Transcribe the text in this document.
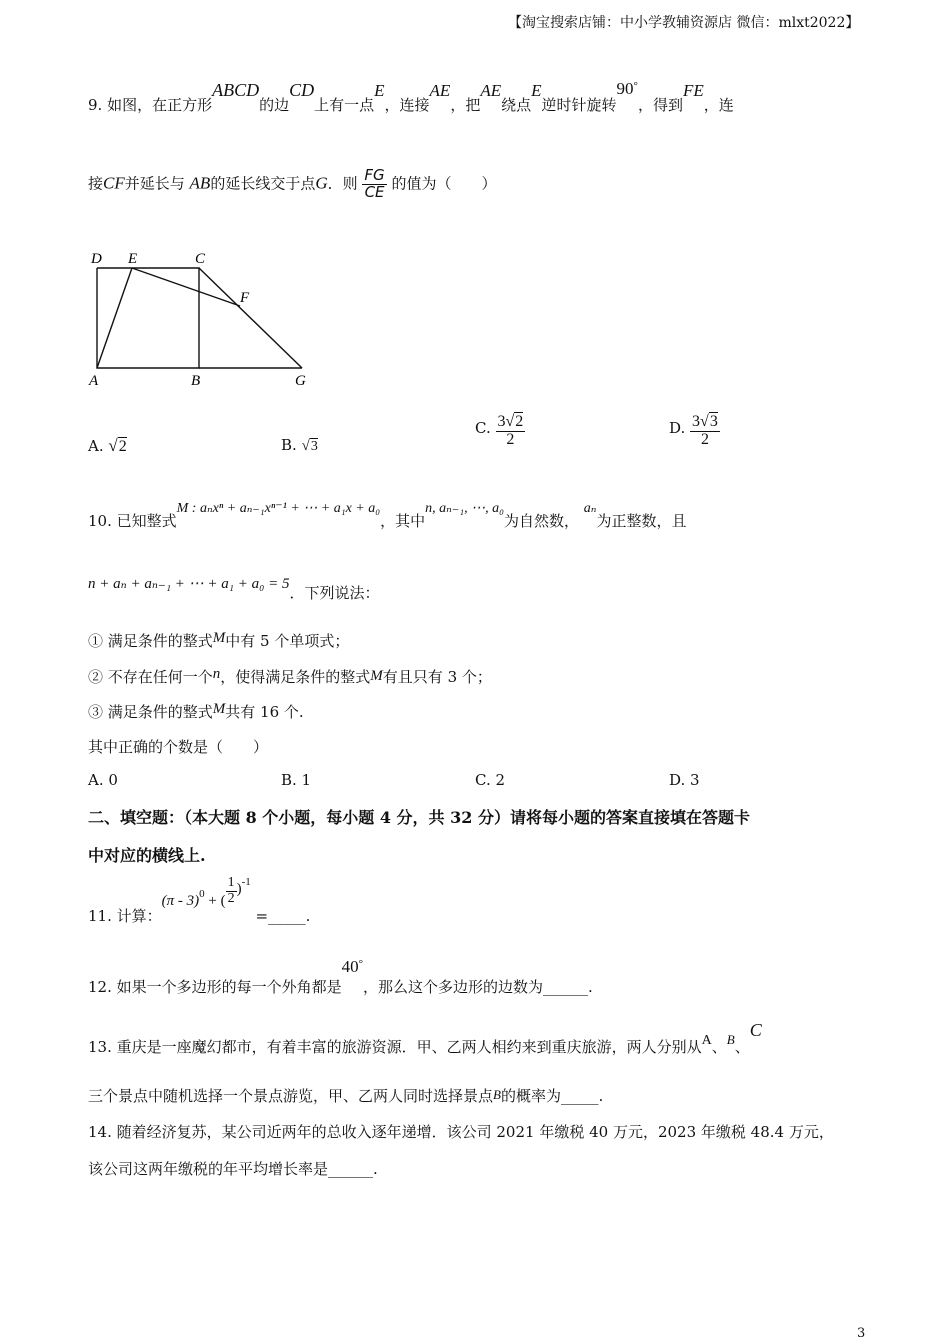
【淘宝搜索店铺：中小学教辅资源店 微信：mlxt2022】
9. 如图，在正方形ABCD的边CD上有一点E，连接AE，把AE绕点E逆时针旋转90°，得到FE，连
接CF并延长与 AB的延长线交于点G．则 $\frac{FG}{CE}$ 的值为（　　）
D E	C
F
A	B	G
A. √2	B. √3
C. $\frac{3√2}{2}$	D. $\frac{3√3}{2}$
10. 已知整式M : aₙxⁿ + aₙ₋₁xⁿ⁻¹ + ⋯ + a₁x + a₀，其中n, aₙ₋₁, ⋯, a₀为自然数， aₙ为正整数，且
n + aₙ + aₙ₋₁ + ⋯ + a₁ + a₀ = 5．下列说法：
① 满足条件的整式M中有 5 个单项式；
② 不存在任何一个n，使得满足条件的整式M有且只有 3 个；
③ 满足条件的整式M共有 16 个.
其中正确的个数是（　　）
A. 0	B. 1	C. 2	D. 3
二、填空题：（本大题 8 个小题，每小题 4 分，共 32 分）请将每小题的答案直接填在答题卡
中对应的横线上.
11. 计算：(π - 3)0 + ( $\frac{1}{2} )^{-1}$ =_____.
12. 如果一个多边形的每一个外角都是40°，那么这个多边形的边数为______.
13. 重庆是一座魔幻都市，有着丰富的旅游资源．甲、乙两人相约来到重庆旅游，两人分别从A、B、C
三个景点中随机选择一个景点游览，甲、乙两人同时选择景点B的概率为_____.
14. 随着经济复苏，某公司近两年的总收入逐年递增．该公司 2021 年缴税 40 万元，2023 年缴税 48.4 万元，
该公司这两年缴税的年平均增长率是______.
3
